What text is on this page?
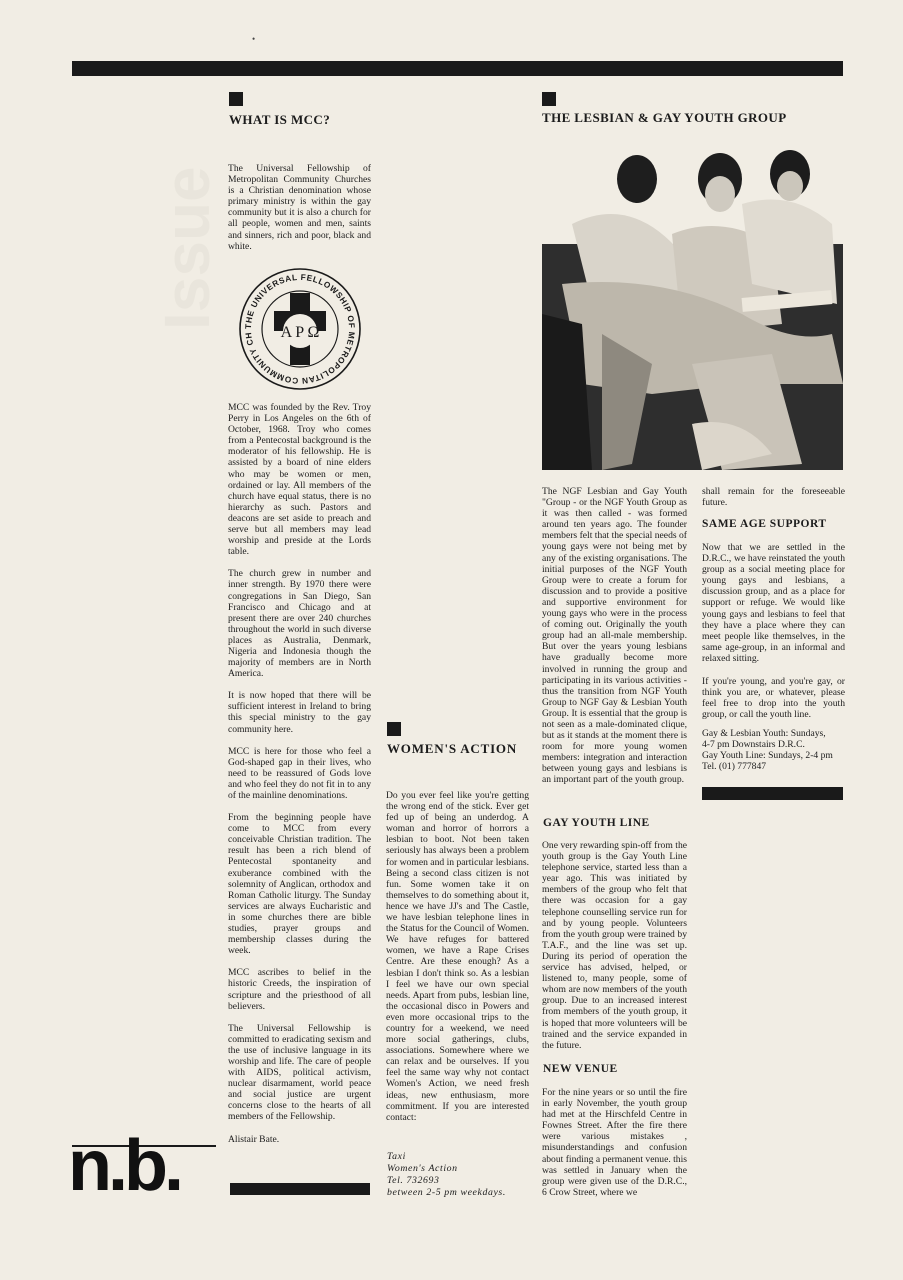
Issue
•
WHAT IS MCC?
The Universal Fellowship of Metropolitan Community Churches is a Christian denomination whose primary ministry is within the gay community but it is also a church for all people, women and men, saints and sinners, rich and poor, black and white.
THE UNIVERSAL FELLOWSHIP OF METROPOLITAN COMMUNITY CH	A P Ω

MCC was founded by the Rev. Troy Perry in Los Angeles on the 6th of October, 1968. Troy who comes from a Pentecostal background is the moderator of his fellowship. He is assisted by a board of nine elders who may be women or men, ordained or lay. All members of the church have equal status, there is no hierarchy as such. Pastors and deacons are set aside to preach and serve but all members may lead worship and preside at the Lords table.

The church grew in number and inner strength. By 1970 there were congregations in San Diego, San Francisco and Chicago and at present there are over 240 churches throughout the world in such diverse places as Australia, Denmark, Nigeria and Indonesia though the majority of members are in North America.

It is now hoped that there will be sufficient interest in Ireland to bring this special ministry to the gay community here.

MCC is here for those who feel a God-shaped gap in their lives, who need to be reassured of Gods love and who feel they do not fit in to any of the mainline denominations.

From the beginning people have come to MCC from every conceivable Christian tradition. The result has been a rich blend of Pentecostal spontaneity and exuberance combined with the solemnity of Anglican, orthodox and Roman Catholic liturgy. The Sunday services are always Eucharistic and in some churches there are bible studies, prayer groups and membership classes during the week.

MCC ascribes to belief in the historic Creeds, the inspiration of scripture and the priesthood of all believers.

The Universal Fellowship is committed to eradicating sexism and the use of inclusive language in its worship and life. The care of people with AIDS, political activism, nuclear disarmament, world peace and social justice are urgent concerns close to the hearts of all members of the Fellowship.

Alistair Bate.

n.b.
WOMEN'S ACTION
Do you ever feel like you're getting the wrong end of the stick. Ever get fed up of being an underdog. A woman and horror of horrors a lesbian to boot. Not been taken seriously has always been a problem for women and in particular lesbians. Being a second class citizen is not fun. Some women take it on themselves to do something about it, hence we have JJ's and The Castle, we have lesbian telephone lines in the Status for the Council of Women. We have refuges for battered women, we have a Rape Crises Centre. Are these enough? As a lesbian I don't think so. As a lesbian I feel we have our own special needs. Apart from pubs, lesbian line, the occasional disco in Powers and even more occasional trips to the country for a weekend, we need more social gatherings, clubs, associations. Somewhere where we can relax and be ourselves. If you feel the same way why not contact Women's Action, we need fresh ideas, new enthusiasm, more commitment. If you are interested contact:
Taxi
Women's Action
Tel. 732693
between 2-5 pm weekdays.
THE LESBIAN & GAY YOUTH GROUP
The NGF Lesbian and Gay Youth "Group - or the NGF Youth Group as it was then called - was formed around ten years ago. The founder members felt that the special needs of young gays were not being met by any of the existing organisations. The initial purposes of the NGF Youth Group were to create a forum for discussion and to provide a positive and supportive environment for young gays who were in the process of coming out. Originally the youth group had an all-male membership. But over the years young lesbians have gradually become more involved in running the group and participating in its various activities - thus the transition from NGF Youth Group to NGF Gay & Lesbian Youth Group. It is essential that the group is not seen as a male-dominated clique, but as it stands at the moment there is room for more young women members: integration and interaction between young gays and lesbians is an important part of the youth group.
GAY YOUTH LINE
One very rewarding spin-off from the youth group is the Gay Youth Line telephone service, started less than a year ago. This was initiated by members of the group who felt that there was occasion for a gay telephone counselling service run for and by young people. Volunteers from the youth group were trained by T.A.F., and the line was set up. During its period of operation the service has advised, helped, or listened to, many people, some of whom are now members of the youth group. Due to an increased interest from members of the youth group, it is hoped that more volunteers will be trained and the service expanded in the future.
NEW VENUE
For the nine years or so until the fire in early November, the youth group had met at the Hirschfeld Centre in Fownes Street. After the fire there were various mistakes , misunderstandings and confusion about finding a permanent venue. this was settled in January when the group were given use of the D.R.C., 6 Crow Street, where we
shall remain for the foreseeable future.
SAME AGE SUPPORT
Now that we are settled in the D.R.C., we have reinstated the youth group as a social meeting place for young gays and lesbians, a discussion group, and as a place for support or refuge. We would like young gays and lesbians to feel that they have a place where they can meet people like themselves, in the same age-group, in an informal and relaxed sitting.
If you're young, and you're gay, or think you are, or whatever, please feel free to drop into the youth group, or call the youth line.
Gay & Lesbian Youth: Sundays,
4-7 pm Downstairs D.R.C.
Gay Youth Line: Sundays, 2-4 pm
Tel. (01) 777847
